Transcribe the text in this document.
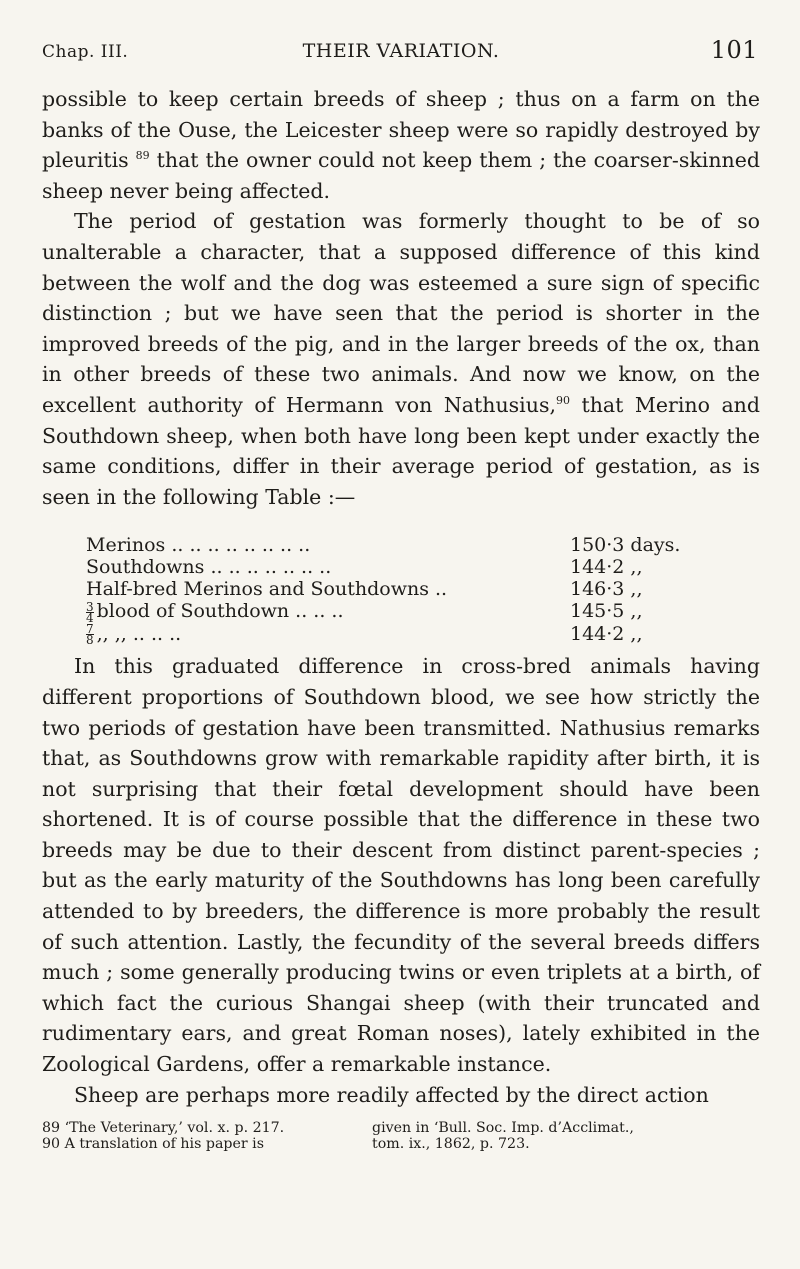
Chap. III.	THEIR VARIATION.	101

possible to keep certain breeds of sheep ; thus on a farm on the banks of the Ouse, the Leicester sheep were so rapidly destroyed by pleuritis $^{89}$ that the owner could not keep them ; the coarser-skinned sheep never being affected.

The period of gestation was formerly thought to be of so unalterable a character, that a supposed difference of this kind between the wolf and the dog was esteemed a sure sign of specific distinction ; but we have seen that the period is shorter in the improved breeds of the pig, and in the larger breeds of the ox, than in other breeds of these two animals. And now we know, on the excellent authority of Hermann von Nathusius,$^{90}$ that Merino and Southdown sheep, when both have long been kept under exactly the same conditions, differ in their average period of gestation, as is seen in the following Table :—

Merinos .. .. .. .. .. .. .. ..	150·3 days.
Southdowns .. .. .. .. .. .. ..	144·2 ,,
Half-bred Merinos and Southdowns ..	146·3 ,,
$\frac{3}{4}$ blood of Southdown .. .. ..	145·5 ,,
$\frac{7}{8}$ ,, ,, .. .. ..	144·2 ,,

In this graduated difference in cross-bred animals having different proportions of Southdown blood, we see how strictly the two periods of gestation have been transmitted. Nathusius remarks that, as Southdowns grow with remarkable rapidity after birth, it is not surprising that their fœtal development should have been shortened. It is of course possible that the difference in these two breeds may be due to their descent from distinct parent-species ; but as the early maturity of the Southdowns has long been carefully attended to by breeders, the difference is more probably the result of such attention. Lastly, the fecundity of the several breeds differs much ; some generally producing twins or even triplets at a birth, of which fact the curious Shangai sheep (with their truncated and rudimentary ears, and great Roman noses), lately exhibited in the Zoological Gardens, offer a remarkable instance.

Sheep are perhaps more readily affected by the direct action

89 ‘The Veterinary,’ vol. x. p. 217.	given in ‘Bull. Soc. Imp. d’Acclimat.,
90 A translation of his paper is	tom. ix., 1862, p. 723.
